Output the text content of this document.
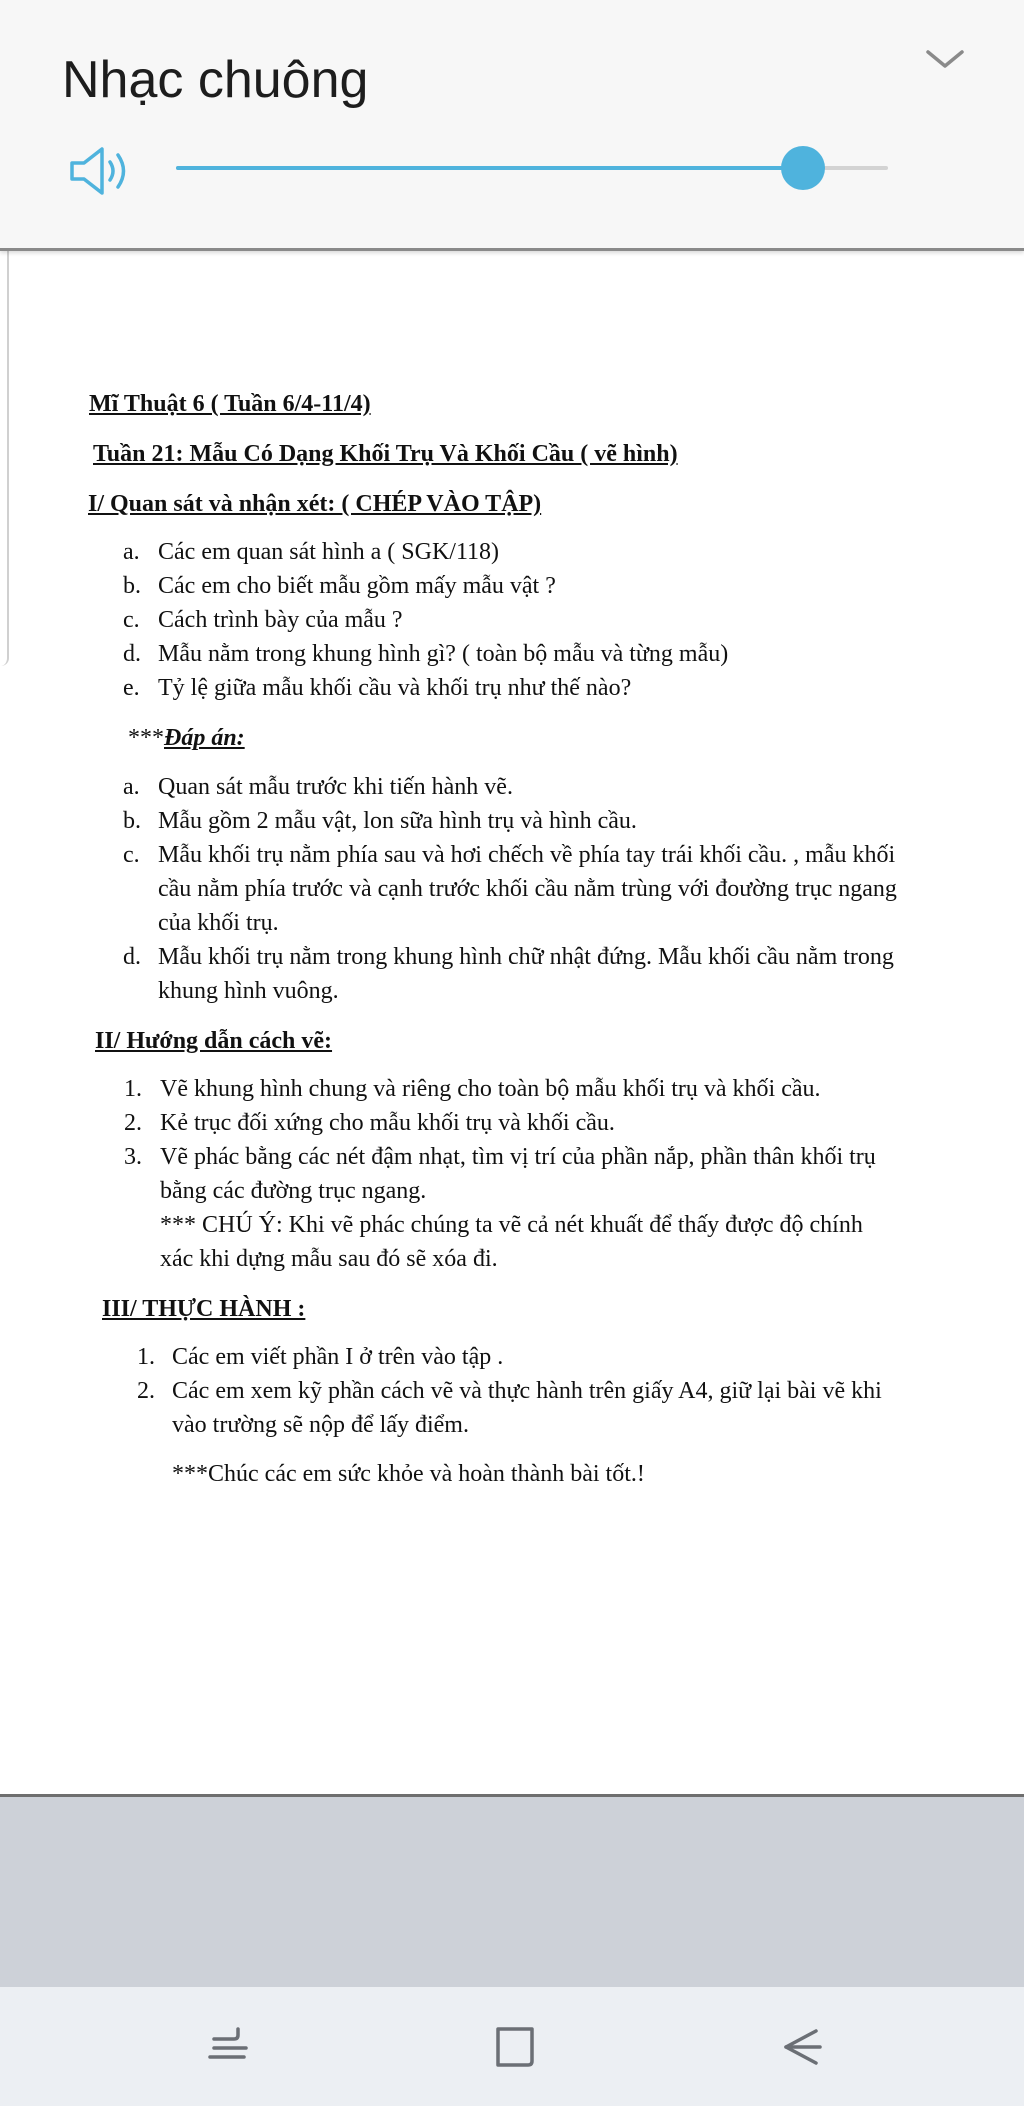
Nhạc chuông
Mĩ Thuật 6 ( Tuần 6/4-11/4)
Tuần 21: Mẫu Có Dạng Khối Trụ Và Khối Cầu ( vẽ hình)
I/ Quan sát và nhận xét: ( CHÉP VÀO TẬP)
a. Các em quan sát hình a ( SGK/118)
b. Các em cho biết mẫu gồm mấy mẫu vật ?
c. Cách trình bày của mẫu ?
d. Mẫu nằm trong khung hình gì? ( toàn bộ mẫu và từng mẫu)
e. Tỷ lệ giữa mẫu khối cầu và khối trụ như thế nào?
***Đáp án:
a. Quan sát mẫu trước khi tiến hành vẽ.
b. Mẫu gồm 2 mẫu vật, lon sữa hình trụ và hình cầu.
c. Mẫu khối trụ nằm phía sau và hơi chếch về phía tay trái khối cầu. , mẫu khối
cầu nằm phía trước và cạnh trước khối cầu nằm trùng với đoường trục ngang
của khối trụ.
d. Mẫu khối trụ nằm trong khung hình chữ nhật đứng. Mẫu khối cầu nằm trong
khung hình vuông.
II/ Hướng dẫn cách vẽ:
1. Vẽ khung hình chung và riêng cho toàn bộ mẫu khối trụ và khối cầu.
2. Kẻ trục đối xứng cho mẫu khối trụ và khối cầu.
3. Vẽ phác bằng các nét đậm nhạt, tìm vị trí của phần nắp, phần thân khối trụ
bằng các đường trục ngang.
*** CHÚ Ý: Khi vẽ phác chúng ta vẽ cả nét khuất để thấy được độ chính
xác khi dựng mẫu sau đó sẽ xóa đi.
III/ THỰC HÀNH :
1. Các em viết phần I ở trên vào tập .
2. Các em xem kỹ phần cách vẽ và thực hành trên giấy A4, giữ lại bài vẽ khi
vào trường sẽ nộp để lấy điểm.
***Chúc các em sức khỏe và hoàn thành bài tốt.!
